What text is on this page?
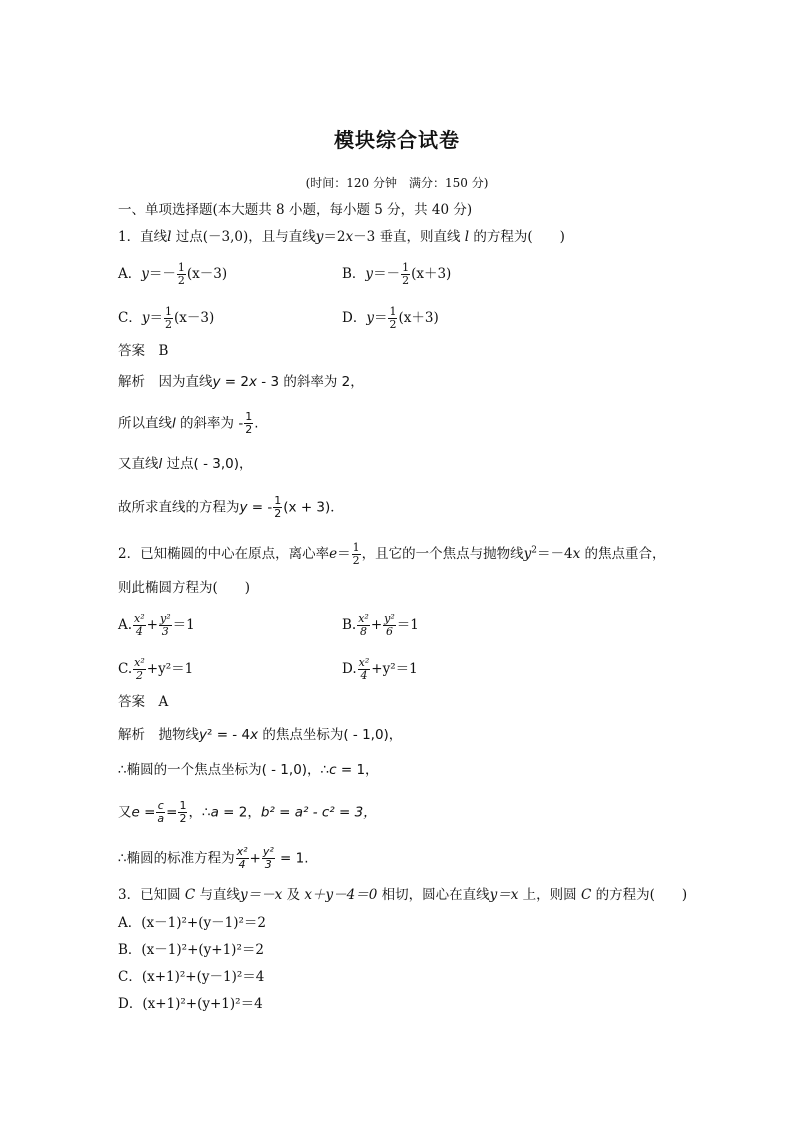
模块综合试卷
(时间：120 分钟　满分：150 分)
一、单项选择题(本大题共 8 小题，每小题 5 分，共 40 分)
1．直线l 过点(－3,0)，且与直线y＝2x－3 垂直，则直线 l 的方程为(　　)
A．$y=- \frac{1}{2} (x-3)$	B．$y=- \frac{1}{2} (x+3)$
C．$y= \frac{1}{2} (x-3)$	D．$y= \frac{1}{2} (x+3)$
答案　 B
解析　 因为直线y = 2x - 3 的斜率为 2，
所以直线l 的斜率为 - $\frac{1}{2}$ .
又直线l 过点( - 3,0)，
故所求直线的方程为y = - $\frac{1}{2} (x + 3)$．
2．已知椭圆的中心在原点，离心率$e= \frac{1}{2}$ ，且它的一个焦点与抛物线$y^2=-4x$ 的焦点重合，
则此椭圆方程为(　　)
A. $\frac{\text{x²}}{4} + \frac{\text{y²}}{3} =1$	B. $\frac{\text{x²}}{8} + \frac{\text{y²}}{6} =1$
C. $\frac{\text{x²}}{2} +y^2=1$	D. $\frac{\text{x²}}{4} +y^2=1$
答案　 A
解析　 抛物线y² = - 4x 的焦点坐标为( - 1,0)，
∴椭圆的一个焦点坐标为( - 1,0)，∴c = 1，
又$e = \frac{c}{a} = \frac{1}{2}$ ，∴a = 2，b² = a² - c² = 3，
∴椭圆的标准方程为 $\frac{\text{x²}}{4} + \frac{\text{y²}}{3} = 1$.
3．已知圆 C 与直线y＝－x 及 x＋y－4＝0 相切，圆心在直线y＝x 上，则圆 C 的方程为(　　)
A．(x－1)²+(y－1)²＝2
B．(x－1)²+(y+1)²＝2
C．(x+1)²+(y－1)²＝4
D．(x+1)²+(y+1)²＝4
